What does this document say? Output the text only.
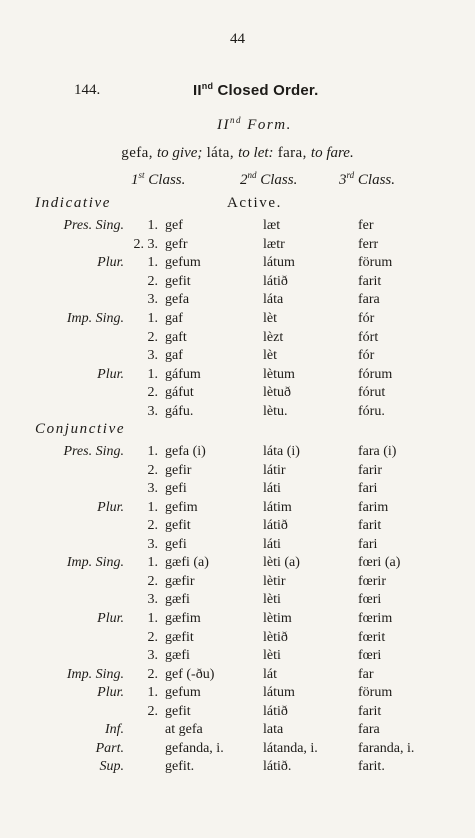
44
144.	IInd Closed Order.
IInd Form.
gefa, to give; láta, to let: fara, to fare.
1st Class.	2nd Class.	3rd Class.
Indicative	Active.
Pres. Sing.	1. gef	læt	fer
2. 3. gefr	lætr	ferr
Plur.	1. gefum	látum	förum
2. gefit	látið	farit
3. gefa	láta	fara
Imp. Sing.	1. gaf	lèt	fór
2. gaft	lèzt	fórt
3. gaf	lèt	fór
Plur.	1. gáfum	lètum	fórum
2. gáfut	lètuð	fórut
3. gáfu.	lètu.	fóru.
Conjunctive
Pres. Sing.	1. gefa (i)	láta (i)	fara (i)
2. gefir	látir	farir
3. gefi	láti	fari
Plur.	1. gefim	látim	farim
2. gefit	látið	farit
3. gefi	láti	fari
Imp. Sing.	1. gæfi (a)	lèti (a)	fœri (a)
2. gæfir	lètir	fœrir
3. gæfi	lèti	fœri
Plur.	1. gæfim	lètim	fœrim
2. gæfit	lètið	fœrit
3. gæfi	lèti	fœri
Imp. Sing.	2. gef (-ðu)	lát	far
Plur.	1. gefum	látum	förum
2. gefit	látið	farit
Inf.	at gefa	lata	fara
Part.	gefanda, i.	látanda, i.	faranda, i.
Sup.	gefit.	látið.	farit.
